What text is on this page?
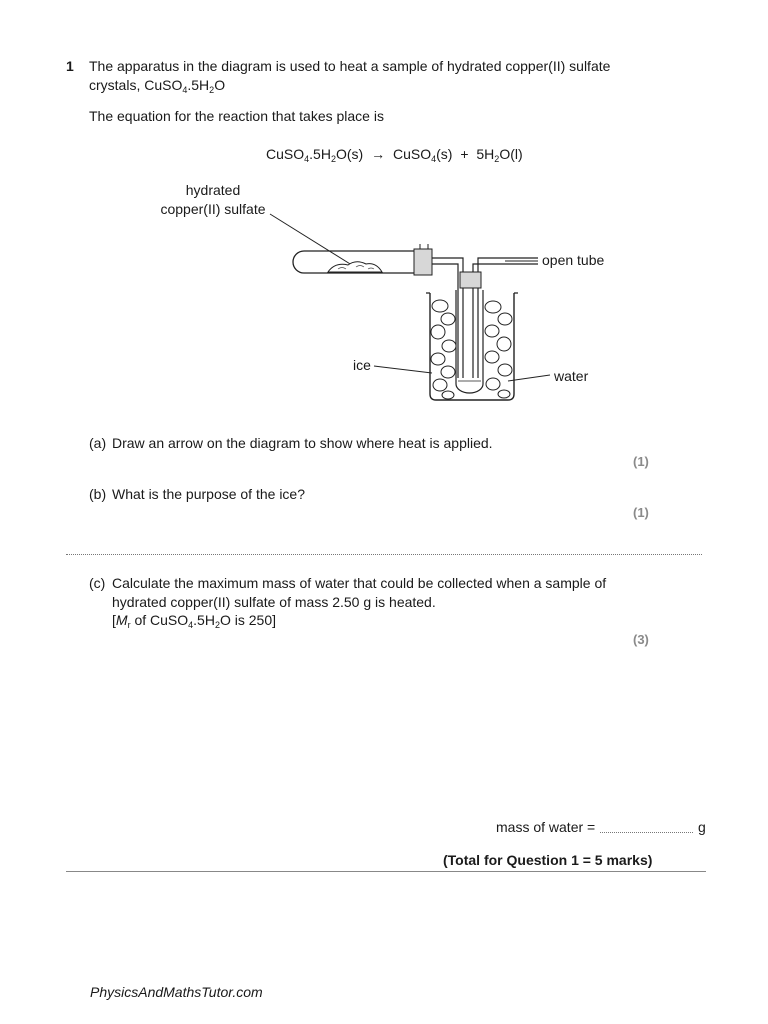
1 The apparatus in the diagram is used to heat a sample of hydrated copper(II) sulfate
crystals, $CuSO_4.5H_2O$
The equation for the reaction that takes place is
$CuSO_4.5H_2O(s)$ → CuSO$_4$(s) + $5H_2O(l)$
hydrated
copper(II) sulfate
open tube
ice
water
(a) Draw an arrow on the diagram to show where heat is applied.
(1)
(b) What is the purpose of the ice?
(1)
(c) Calculate the maximum mass of water that could be collected when a sample of
hydrated copper(II) sulfate of mass 2.50 g is heated.
[$M_r$ of $CuSO_4.5H_2O$ is 250]
(3)
mass of water =	g
(Total for Question 1 = 5 marks)
PhysicsAndMathsTutor.com
